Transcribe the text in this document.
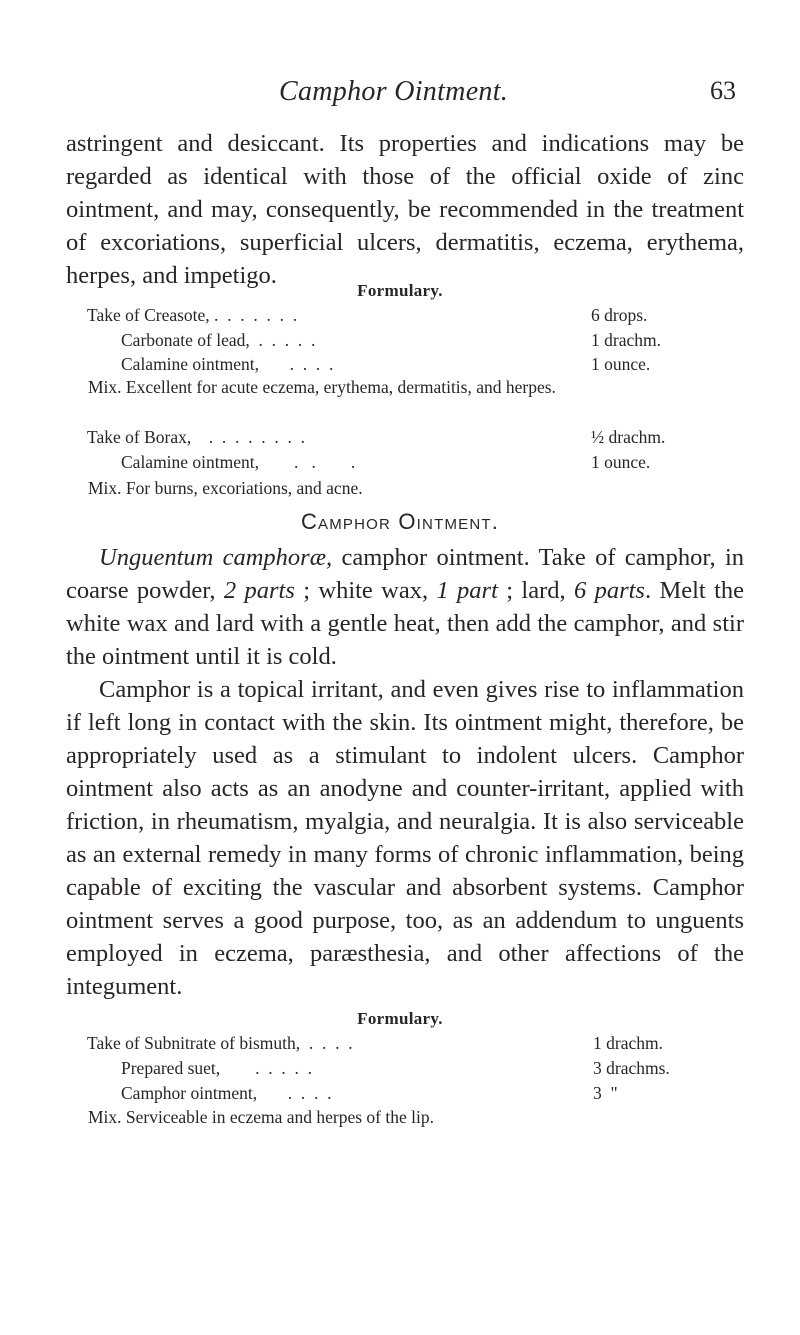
Camphor Ointment.	63
astringent and desiccant. Its properties and indications may be regarded as identical with those of the official oxide of zinc ointment, and may, consequently, be recommended in the treatment of excoriations, superficial ulcers, dermatitis, eczema, erythema, herpes, and impetigo.
Formulary.
Take of Creasote, .  .  .  .  .  .  .	6 drops.
Carbonate of lead,  .  .  .  .  .	1 drachm.
Calamine ointment,       .  .  .  .	1 ounce.
Mix. Excellent for acute eczema, erythema, dermatitis, and herpes.
Take of Borax,    .  .  .  .  .  .  .  .	½ drachm.
Calamine ointment,        .   .        .	1 ounce.
Mix. For burns, excoriations, and acne.
Camphor Ointment.
Unguentum camphoræ, camphor ointment. Take of camphor, in coarse powder, 2 parts ; white wax, 1 part ; lard, 6 parts. Melt the white wax and lard with a gentle heat, then add the camphor, and stir the ointment until it is cold.
Camphor is a topical irritant, and even gives rise to inflammation if left long in contact with the skin. Its ointment might, therefore, be appropriately used as a stimulant to indolent ulcers. Camphor ointment also acts as an anodyne and counter-irritant, applied with friction, in rheumatism, myalgia, and neuralgia. It is also serviceable as an external remedy in many forms of chronic inflammation, being capable of exciting the vascular and absorbent systems. Camphor ointment serves a good purpose, too, as an addendum to unguents employed in eczema, paræsthesia, and other affections of the integument.
Formulary.
Take of Subnitrate of bismuth,  .  .  .  .	1 drachm.
Prepared suet,        .  .  .  .  .	3 drachms.
Camphor ointment,       .  .  .  .	3  "
Mix. Serviceable in eczema and herpes of the lip.
